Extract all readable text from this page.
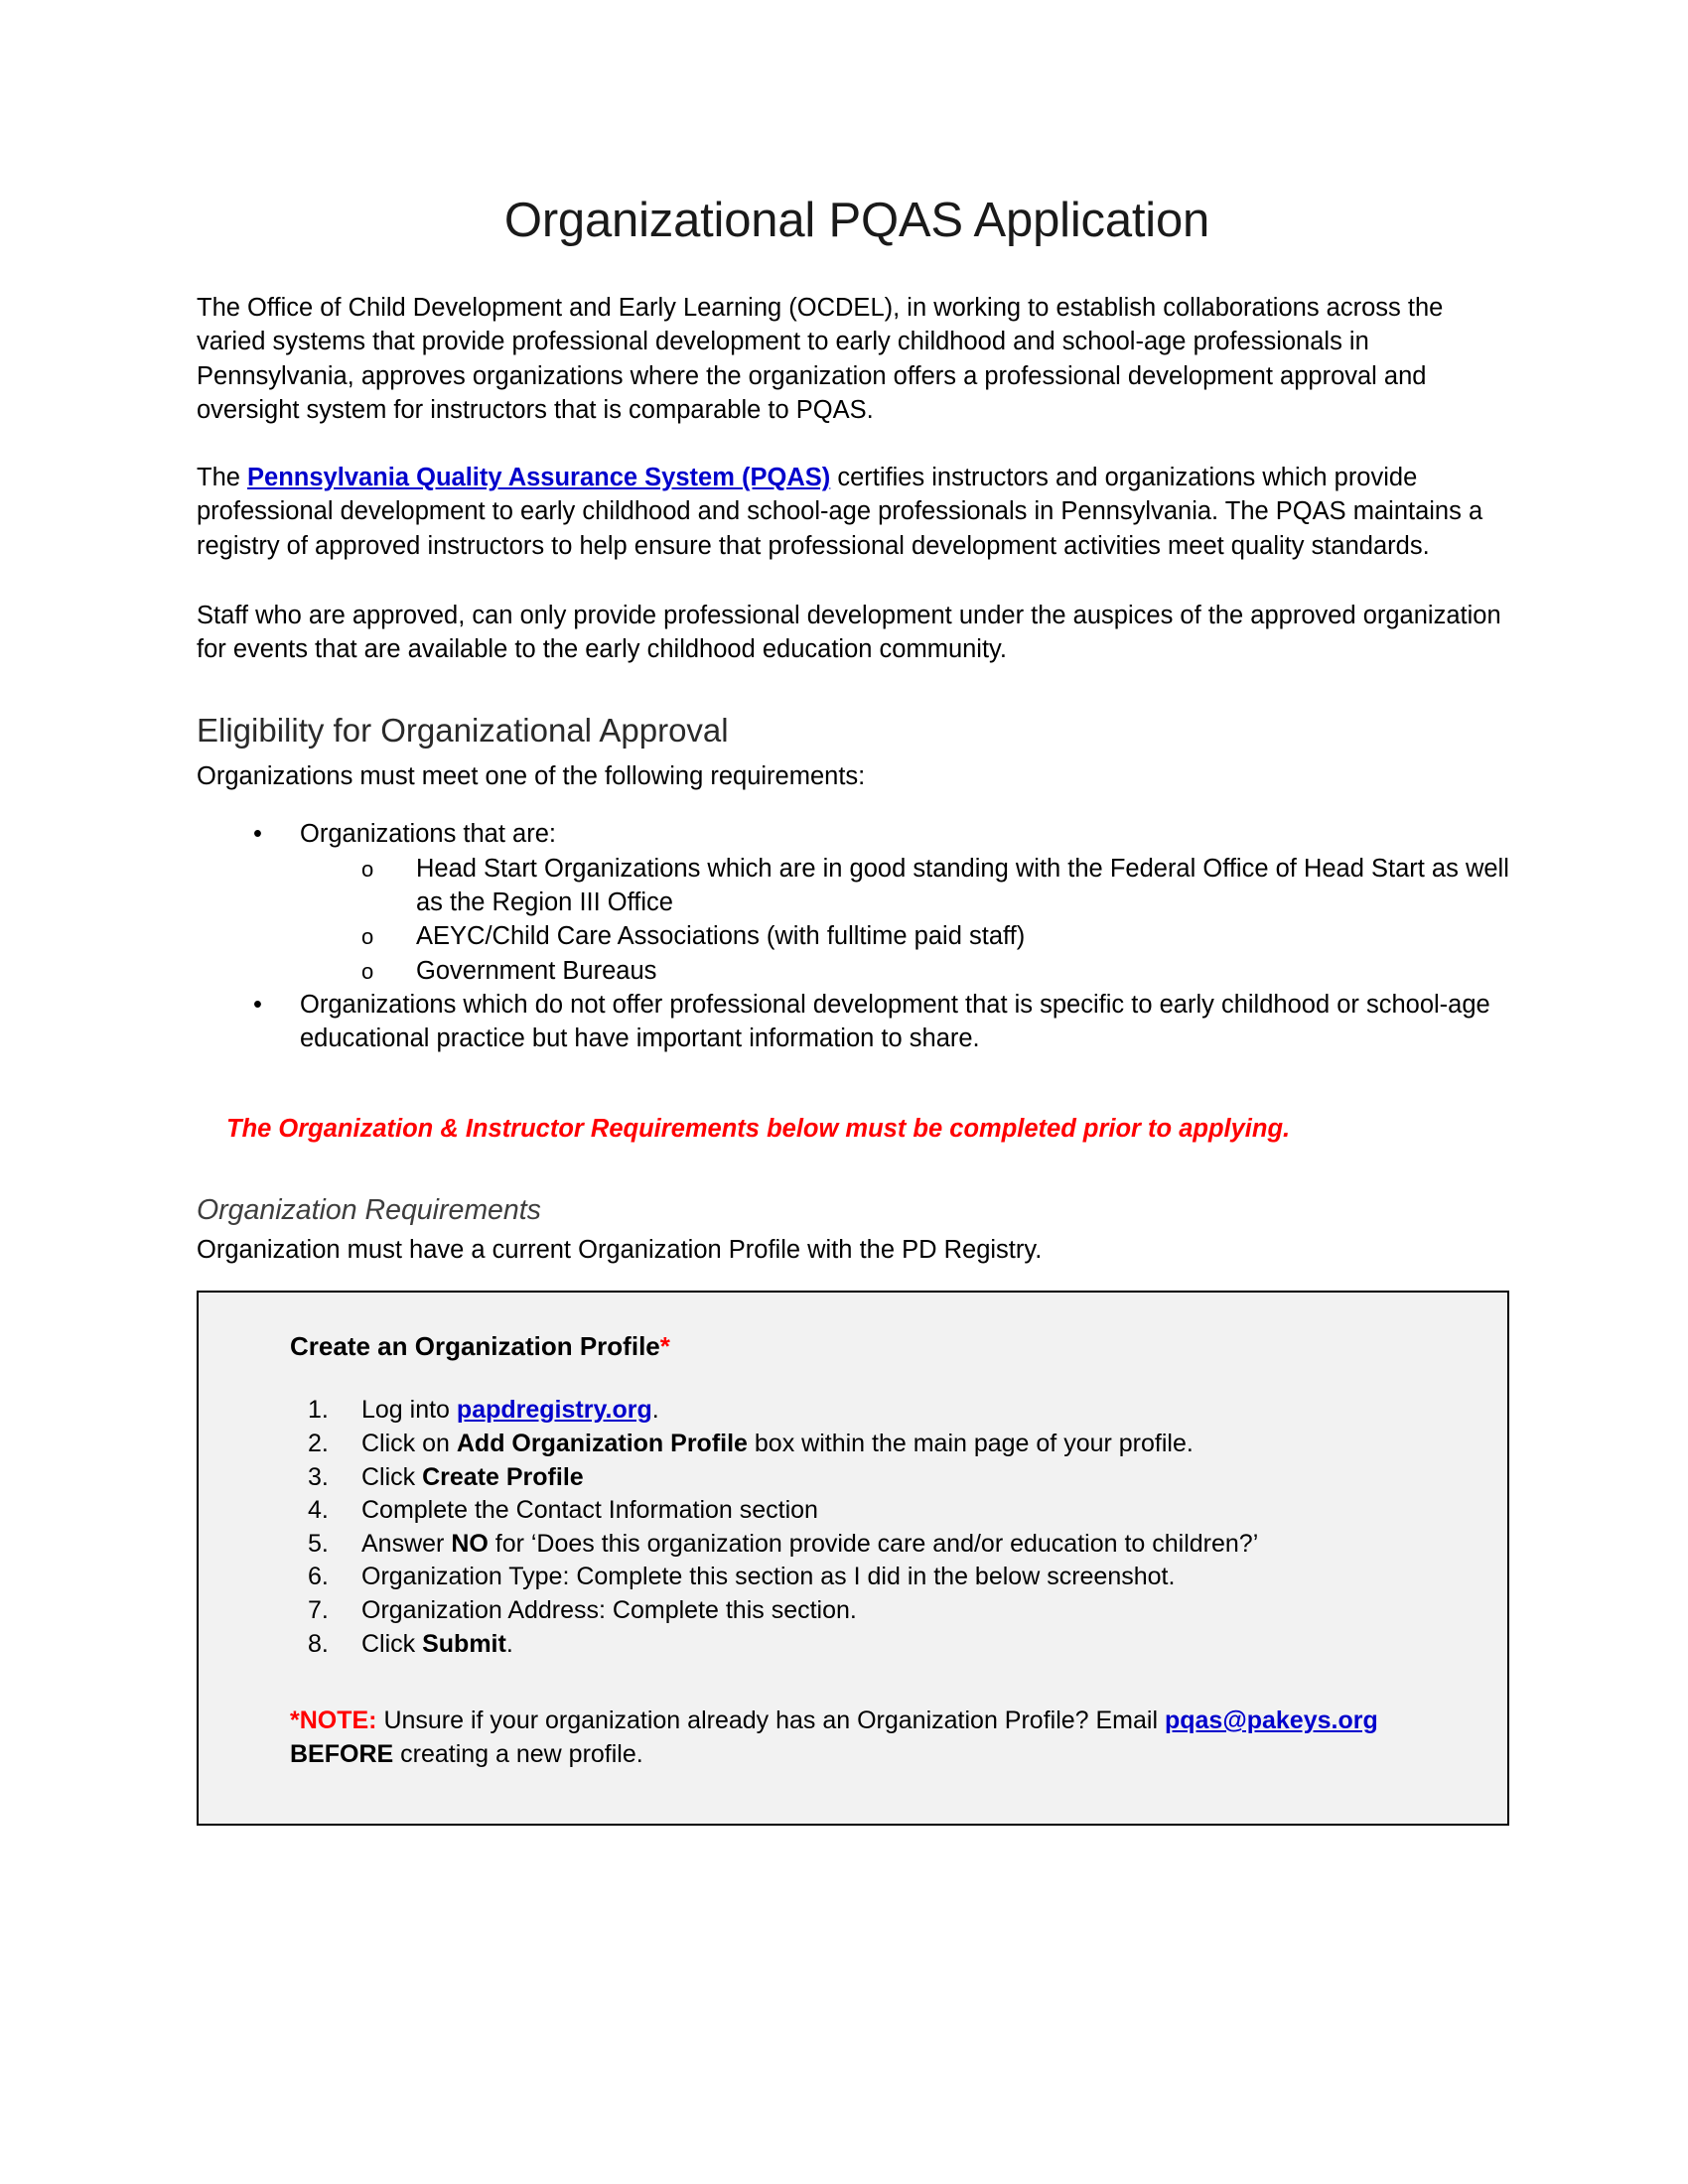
Organizational PQAS Application

The Office of Child Development and Early Learning (OCDEL), in working to establish collaborations across the varied systems that provide professional development to early childhood and school-age professionals in Pennsylvania, approves organizations where the organization offers a professional development approval and oversight system for instructors that is comparable to PQAS.

The Pennsylvania Quality Assurance System (PQAS) certifies instructors and organizations which provide professional development to early childhood and school-age professionals in Pennsylvania. The PQAS maintains a registry of approved instructors to help ensure that professional development activities meet quality standards.

Staff who are approved, can only provide professional development under the auspices of the approved organization for events that are available to the early childhood education community.

Eligibility for Organizational Approval

Organizations must meet one of the following requirements:

• Organizations that are:
o Head Start Organizations which are in good standing with the Federal Office of Head Start as well as the Region III Office
o AEYC/Child Care Associations (with fulltime paid staff)
o Government Bureaus
• Organizations which do not offer professional development that is specific to early childhood or school-age educational practice but have important information to share.

The Organization & Instructor Requirements below must be completed prior to applying.

Organization Requirements

Organization must have a current Organization Profile with the PD Registry.

Create an Organization Profile*

1. Log into papdregistry.org.
2. Click on Add Organization Profile box within the main page of your profile.
3. Click Create Profile
4. Complete the Contact Information section
5. Answer NO for ‘Does this organization provide care and/or education to children?’
6. Organization Type: Complete this section as I did in the below screenshot.
7. Organization Address: Complete this section.
8. Click Submit.

*NOTE: Unsure if your organization already has an Organization Profile? Email pqas@pakeys.org BEFORE creating a new profile.
